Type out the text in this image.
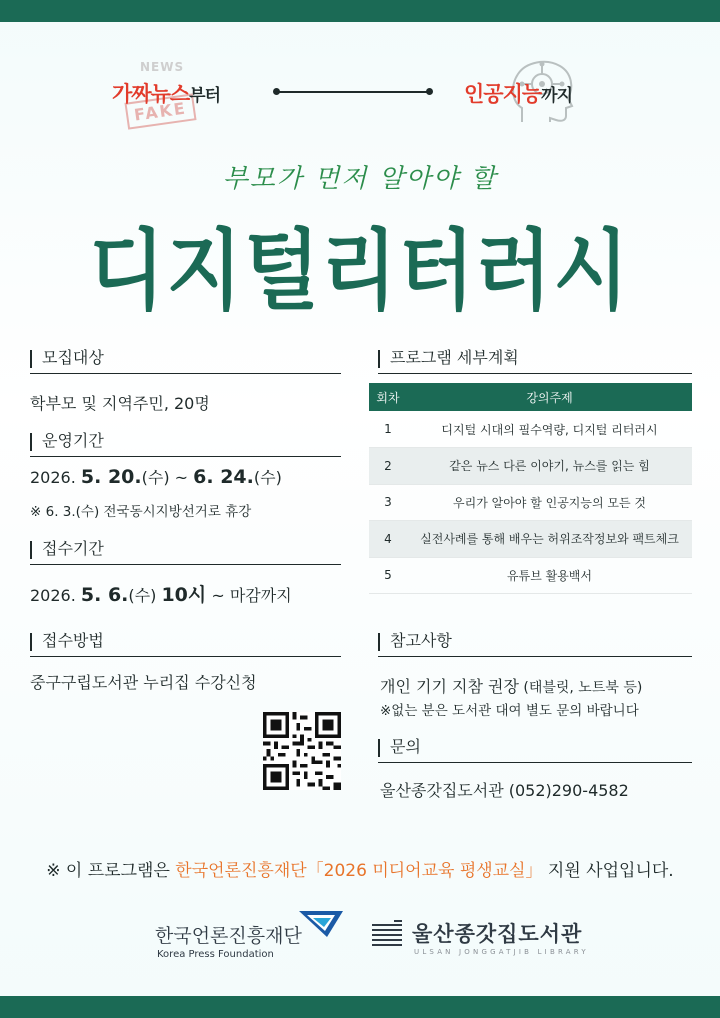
NEWS
FAKE
가짜뉴스부터	인공지능까지
부모가 먼저 알아야 할
디지털리터러시
모집대상
학부모 및 지역주민, 20명
운영기간
2026. 5. 20.(수) ~ 6. 24.(수)
※ 6. 3.(수) 전국동시지방선거로 휴강
접수기간
2026. 5. 6.(수) 10시 ~ 마감까지
접수방법
중구구립도서관 누리집 수강신청
프로그램 세부계획
회차	강의주제
1	디지털 시대의 필수역량, 디지털 리터러시
2	같은 뉴스 다른 이야기, 뉴스를 읽는 힘
3	우리가 알아야 할 인공지능의 모든 것
4	실전사례를 통해 배우는 허위조작정보와 팩트체크
5	유튜브 활용백서
참고사항
개인 기기 지참 권장 (태블릿, 노트북 등)
※없는 분은 도서관 대여 별도 문의 바랍니다
문의
울산종갓집도서관 (052)290-4582
※ 이 프로그램은 한국언론진흥재단「2026 미디어교육 평생교실」 지원 사업입니다.
한국언론진흥재단
Korea Press Foundation
울산종갓집도서관
ULSAN JONGGATJIB LIBRARY
